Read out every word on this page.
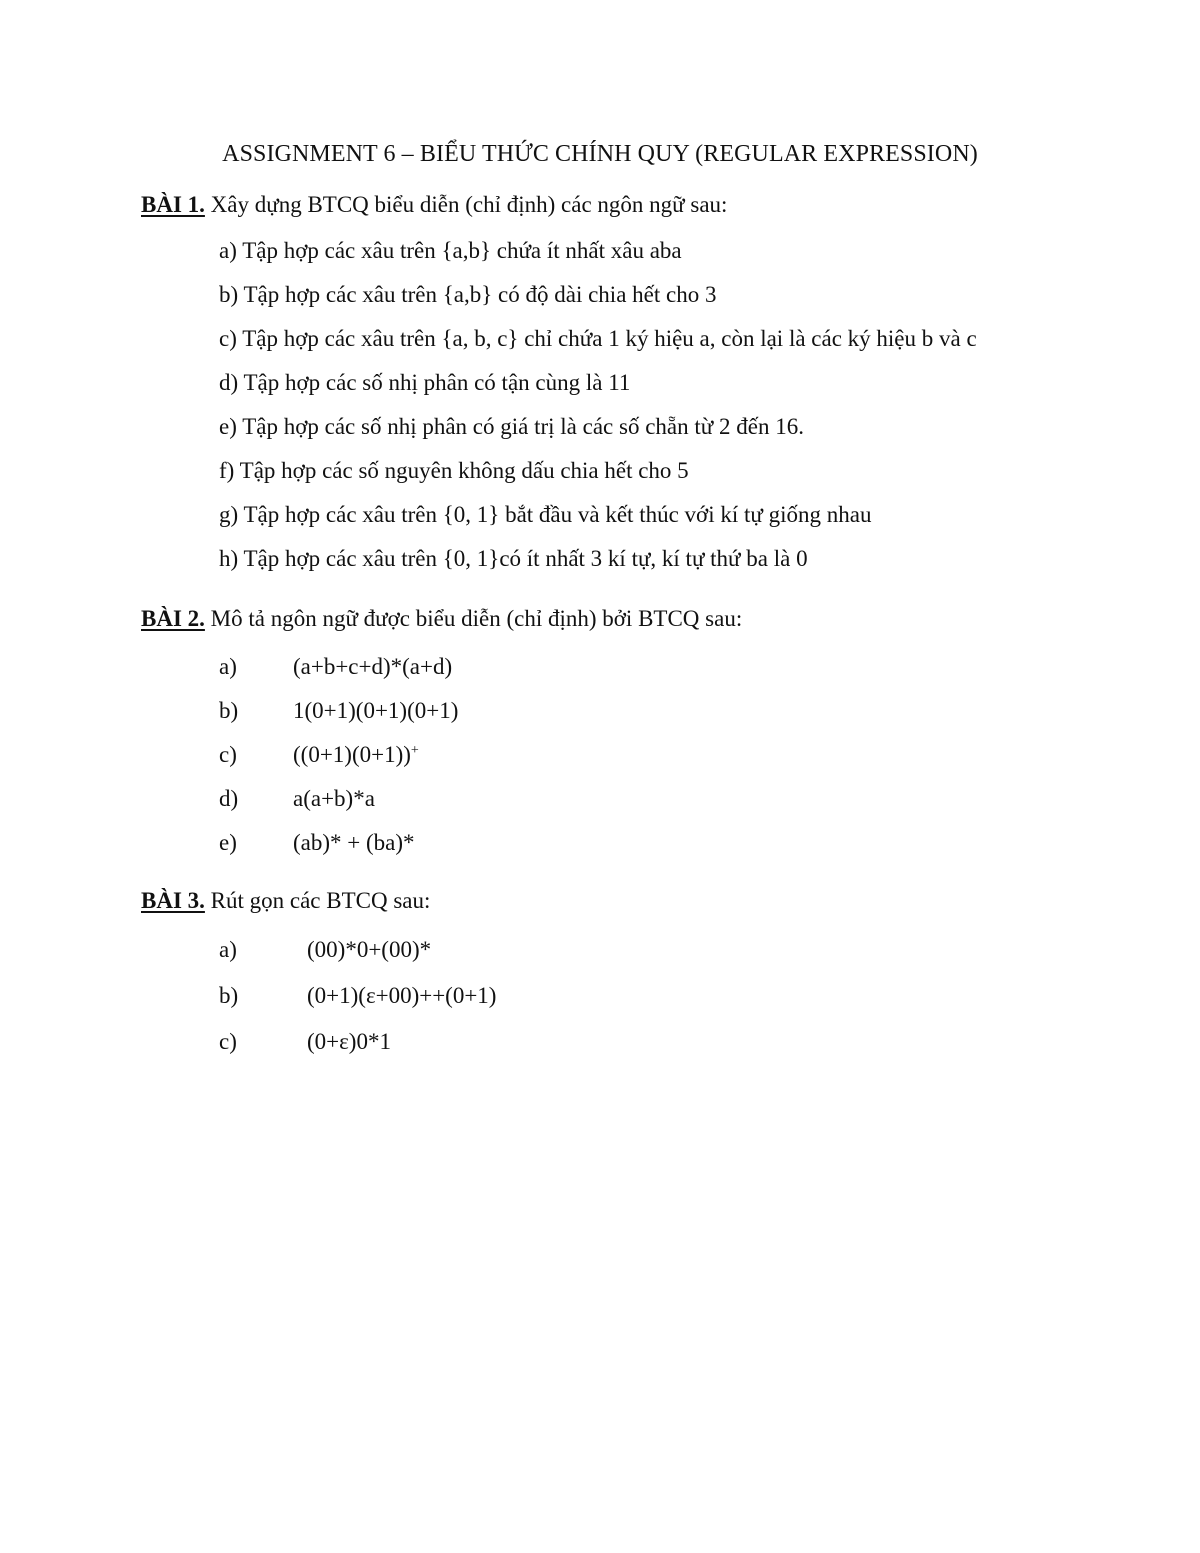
ASSIGNMENT 6 – BIỂU THỨC CHÍNH QUY (REGULAR EXPRESSION)
BÀI 1. Xây dựng BTCQ biểu diễn (chỉ định) các ngôn ngữ sau:
a) Tập hợp các xâu trên {a,b} chứa ít nhất xâu aba
b) Tập hợp các xâu trên {a,b} có độ dài chia hết cho 3
c) Tập hợp các xâu trên {a, b, c} chỉ chứa 1 ký hiệu a, còn lại là các ký hiệu b và c
d) Tập hợp các số nhị phân có tận cùng là 11
e) Tập hợp các số nhị phân có giá trị là các số chẵn từ 2 đến 16.
f) Tập hợp các số nguyên không dấu chia hết cho 5
g) Tập hợp các xâu trên {0, 1} bắt đầu và kết thúc với kí tự giống nhau
h) Tập hợp các xâu trên {0, 1}có ít nhất 3 kí tự, kí tự thứ ba là 0
BÀI 2. Mô tả ngôn ngữ được biểu diễn (chỉ định) bởi BTCQ sau:
a) (a+b+c+d)*(a+d)
b) 1(0+1)(0+1)(0+1)
c) ((0+1)(0+1))+
d) a(a+b)*a
e) (ab)* + (ba)*
BÀI 3. Rút gọn các BTCQ sau:
a)	(00)*0+(00)*
b)	(0+1)(ε+00)++(0+1)
c)	(0+ε)0*1
